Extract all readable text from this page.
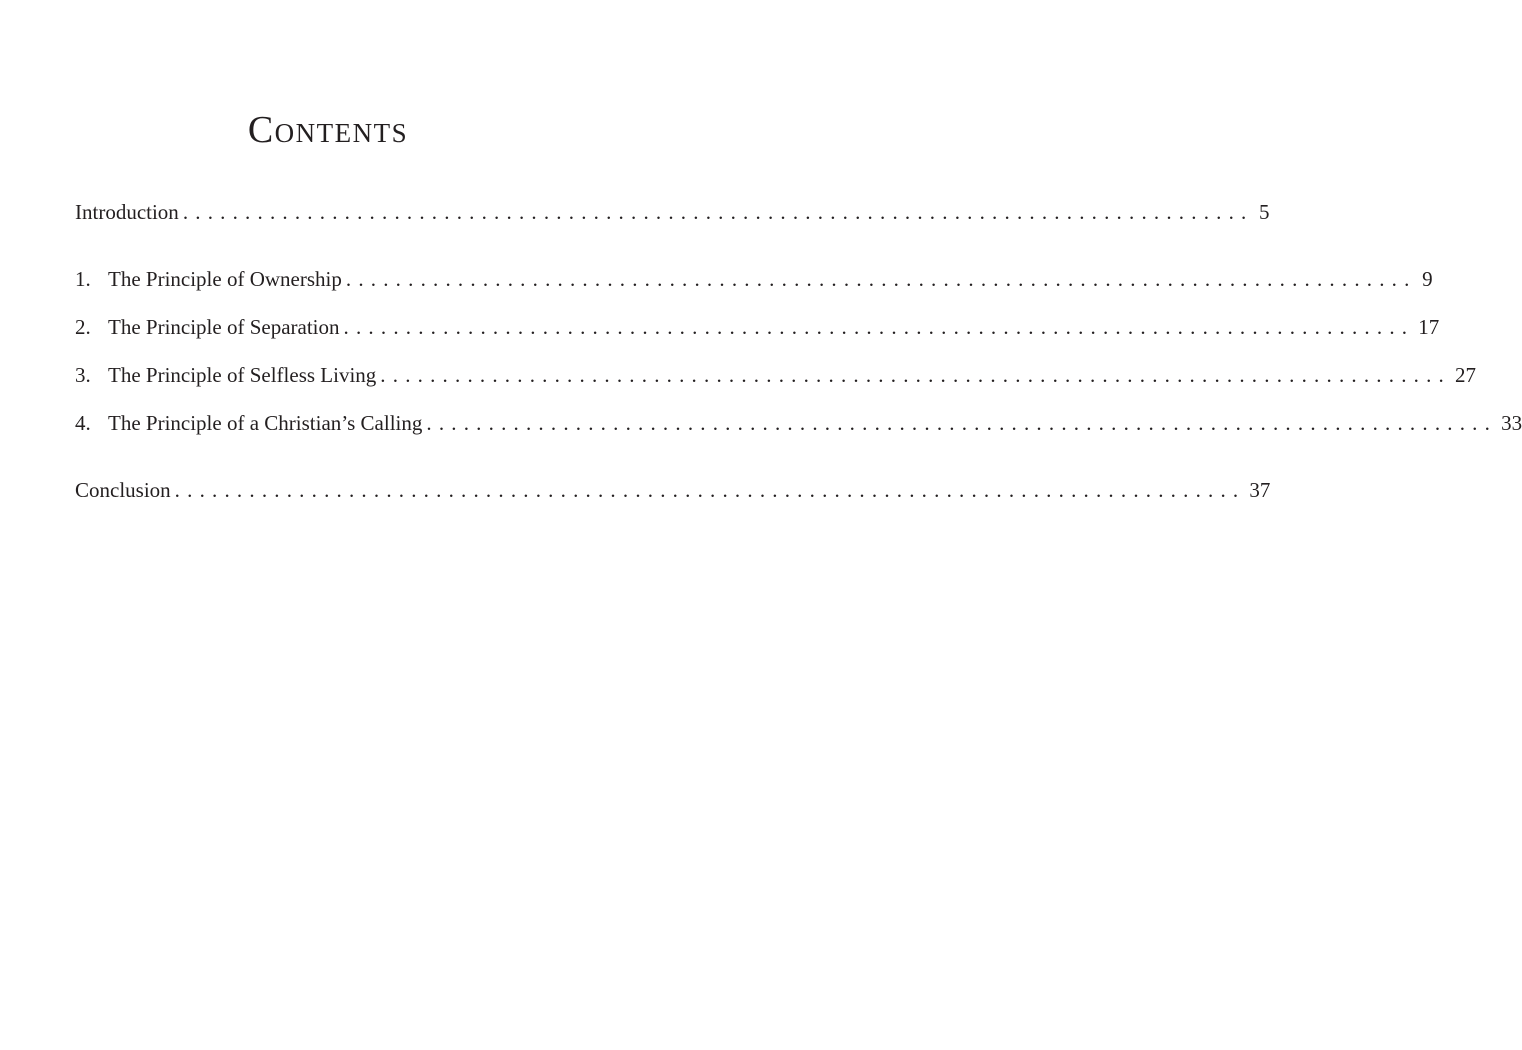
Contents
Introduction ...................................................................................... 5
1. The Principle of Ownership ...................................................................................... 9
2. The Principle of Separation ...................................................................................... 17
3. The Principle of Selfless Living ...................................................................................... 27
4. The Principle of a Christian’s Calling ...................................................................................... 33
Conclusion ...................................................................................... 37
